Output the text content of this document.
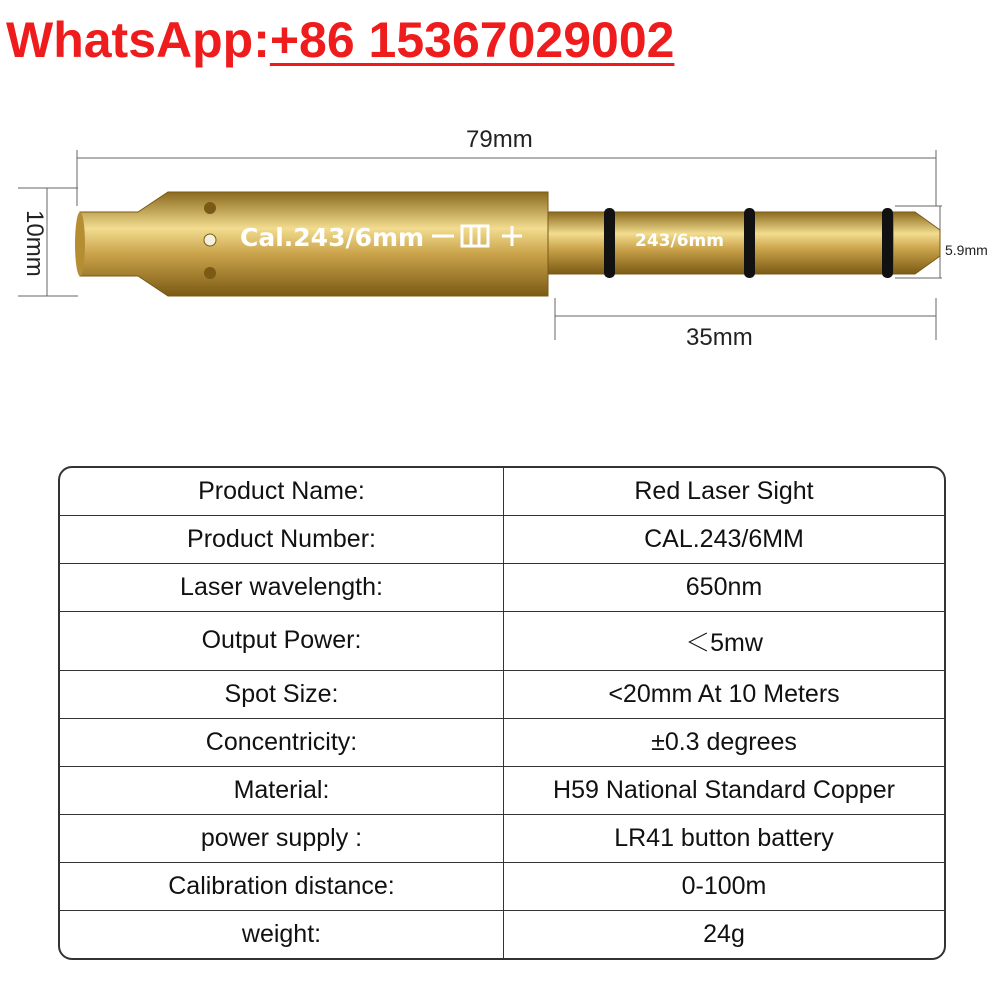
WhatsApp:+86 15367029002
Cal.243/6mm	243/6mm
79mm
10mm	5.9mm
35mm
Product Name:	Red Laser Sight
Product Number:	CAL.243/6MM
Laser wavelength:	650nm
Output Power:	＜5mw
Spot Size:	<20mm At 10 Meters
Concentricity:	±0.3 degrees
Material:	H59 National Standard Copper
power supply :	LR41 button battery
Calibration distance:	0-100m
weight:	24g
